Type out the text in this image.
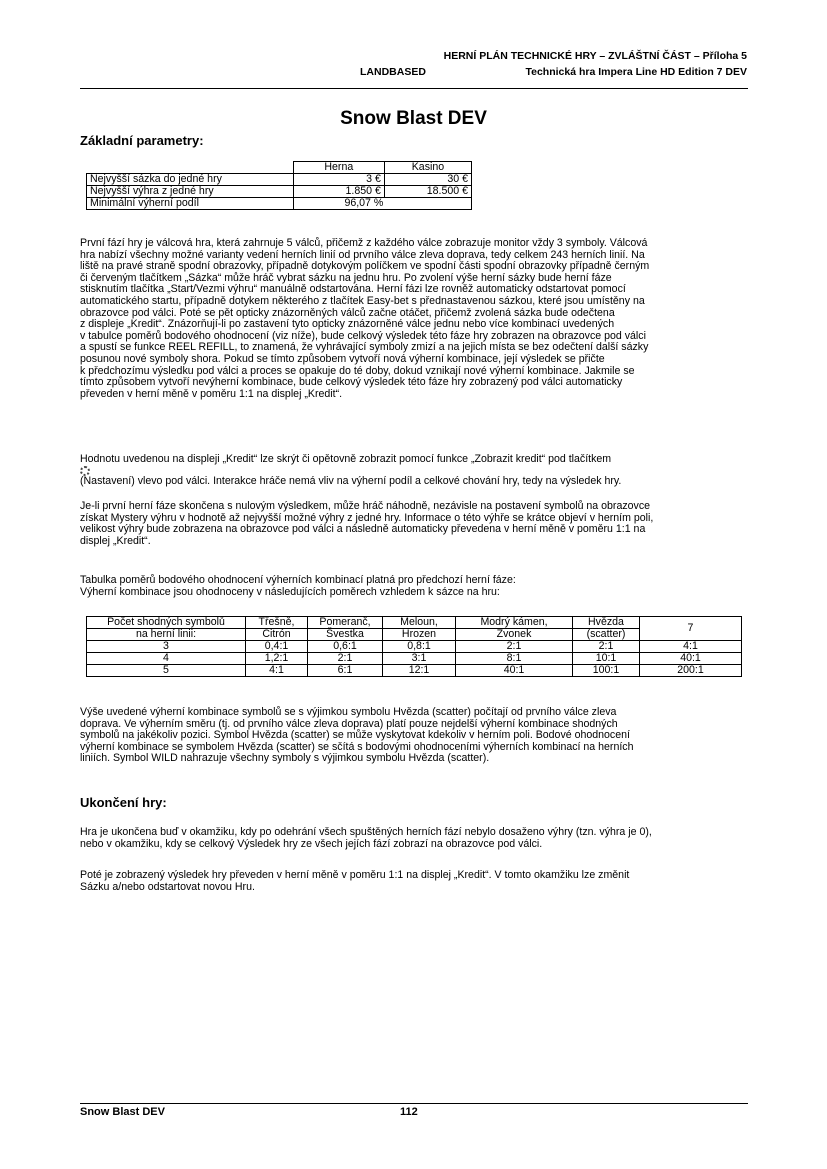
HERNÍ PLÁN TECHNICKÉ HRY – ZVLÁŠTNÍ ČÁST – Příloha 5
LANDBASED	Technická hra Impera Line HD Edition 7 DEV
Snow Blast DEV
Základní parametry:
	Herna	Kasino
Nejvyšší sázka do jedné hry	3 €	30 €
Nejvyšší výhra z jedné hry	1.850 €	18.500 €
Minimální výherní podíl	96,07 %	
První fází hry je válcová hra, která zahrnuje 5 válců, přičemž z každého válce zobrazuje monitor vždy 3 symboly. Válcová
hra nabízí všechny možné varianty vedení herních linií od prvního válce zleva doprava, tedy celkem 243 herních linií. Na
liště na pravé straně spodní obrazovky, případně dotykovým políčkem ve spodní části spodní obrazovky případně černým
či červeným tlačítkem „Sázka“ může hráč vybrat sázku na jednu hru. Po zvolení výše herní sázky bude herní fáze
stisknutím tlačítka „Start/Vezmi výhru“ manuálně odstartována. Herní fázi lze rovněž automaticky odstartovat pomocí
automatického startu, případně dotykem některého z tlačítek Easy-bet s přednastavenou sázkou, které jsou umístěny na
obrazovce pod válci. Poté se pět opticky znázorněných válců začne otáčet, přičemž zvolená sázka bude odečtena
z displeje „Kredit“. Znázorňují-li po zastavení tyto opticky znázorněné válce jednu nebo více kombinací uvedených
v tabulce poměrů bodového ohodnocení (viz níže), bude celkový výsledek této fáze hry zobrazen na obrazovce pod válci
a spustí se funkce REEL REFILL, to znamená, že vyhrávající symboly zmizí a na jejich místa se bez odečtení další sázky
posunou nové symboly shora. Pokud se tímto způsobem vytvoří nová výherní kombinace, její výsledek se přičte
k předchozímu výsledku pod válci a proces se opakuje do té doby, dokud vznikají nové výherní kombinace. Jakmile se
tímto způsobem vytvoří nevýherní kombinace, bude celkový výsledek této fáze hry zobrazený pod válci automaticky
převeden v herní měně v poměru 1:1 na displej „Kredit“.
Hodnotu uvedenou na displeji „Kredit“ lze skrýt či opětovně zobrazit pomocí funkce „Zobrazit kredit“ pod tlačítkem
(Nastavení) vlevo pod válci. Interakce hráče nemá vliv na výherní podíl a celkové chování hry, tedy na výsledek hry.
Je-li první herní fáze skončena s nulovým výsledkem, může hráč náhodně, nezávisle na postavení symbolů na obrazovce
získat Mystery výhru v hodnotě až nejvyšší možné výhry z jedné hry. Informace o této výhře se krátce objeví v herním poli,
velikost výhry bude zobrazena na obrazovce pod válci a následně automaticky převedena v herní měně v poměru 1:1 na
displej „Kredit“.
Tabulka poměrů bodového ohodnocení výherních kombinací platná pro předchozí herní fáze:
Výherní kombinace jsou ohodnoceny v následujících poměrech vzhledem k sázce na hru:
Počet shodných symbolů	Třešně,	Pomeranč,	Meloun,	Modrý kámen,	Hvězda	7
na herní linii:	Citrón	Švestka	Hrozen	Zvonek	(scatter)	
3	0,4:1	0,6:1	0,8:1	2:1	2:1	4:1
4	1,2:1	2:1	3:1	8:1	10:1	40:1
5	4:1	6:1	12:1	40:1	100:1	200:1
Výše uvedené výherní kombinace symbolů se s výjimkou symbolu Hvězda (scatter) počítají od prvního válce zleva
doprava. Ve výherním směru (tj. od prvního válce zleva doprava) platí pouze nejdelší výherní kombinace shodných
symbolů na jakékoliv pozici. Symbol Hvězda (scatter) se může vyskytovat kdekoliv v herním poli. Bodové ohodnocení
výherní kombinace se symbolem Hvězda (scatter) se sčítá s bodovými ohodnoceními výherních kombinací na herních
liniích. Symbol WILD nahrazuje všechny symboly s výjimkou symbolu Hvězda (scatter).
Ukončení hry:
Hra je ukončena buď v okamžiku, kdy po odehrání všech spuštěných herních fází nebylo dosaženo výhry (tzn. výhra je 0),
nebo v okamžiku, kdy se celkový Výsledek hry ze všech jejích fází zobrazí na obrazovce pod válci.
Poté je zobrazený výsledek hry převeden v herní měně v poměru 1:1 na displej „Kredit“. V tomto okamžiku lze změnit
Sázku a/nebo odstartovat novou Hru.
Snow Blast DEV	112
